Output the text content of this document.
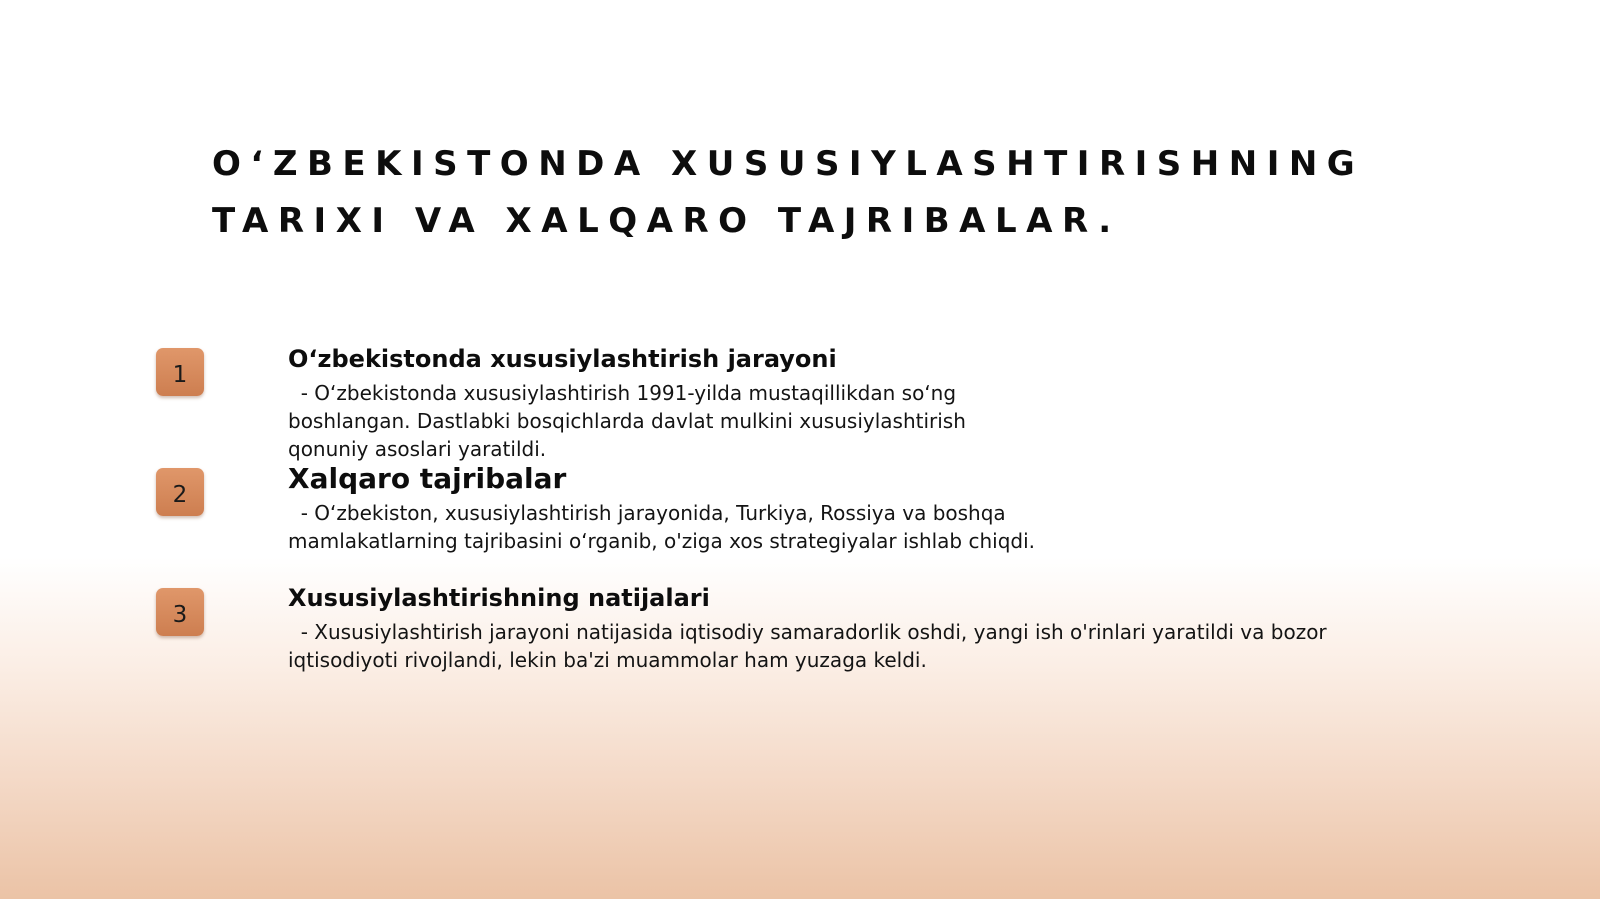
O‘ZBEKISTONDA XUSUSIYLASHTIRISHNING
TARIXI VA XALQARO TAJRIBALAR.
1
O‘zbekistonda xususiylashtirish jarayoni

- O‘zbekistonda xususiylashtirish 1991-yilda mustaqillikdan so‘ng boshlangan. Dastlabki bosqichlarda davlat mulkini xususiylashtirish qonuniy asoslari yaratildi.

2	Xalqaro tajribalar

- O‘zbekiston, xususiylashtirish jarayonida, Turkiya, Rossiya va boshqa mamlakatlarning tajribasini o‘rganib, o'ziga xos strategiyalar ishlab chiqdi.

3
Xususiylashtirishning natijalari

- Xususiylashtirish jarayoni natijasida iqtisodiy samaradorlik oshdi, yangi ish o'rinlari yaratildi va bozor iqtisodiyoti rivojlandi, lekin ba'zi muammolar ham yuzaga keldi.
